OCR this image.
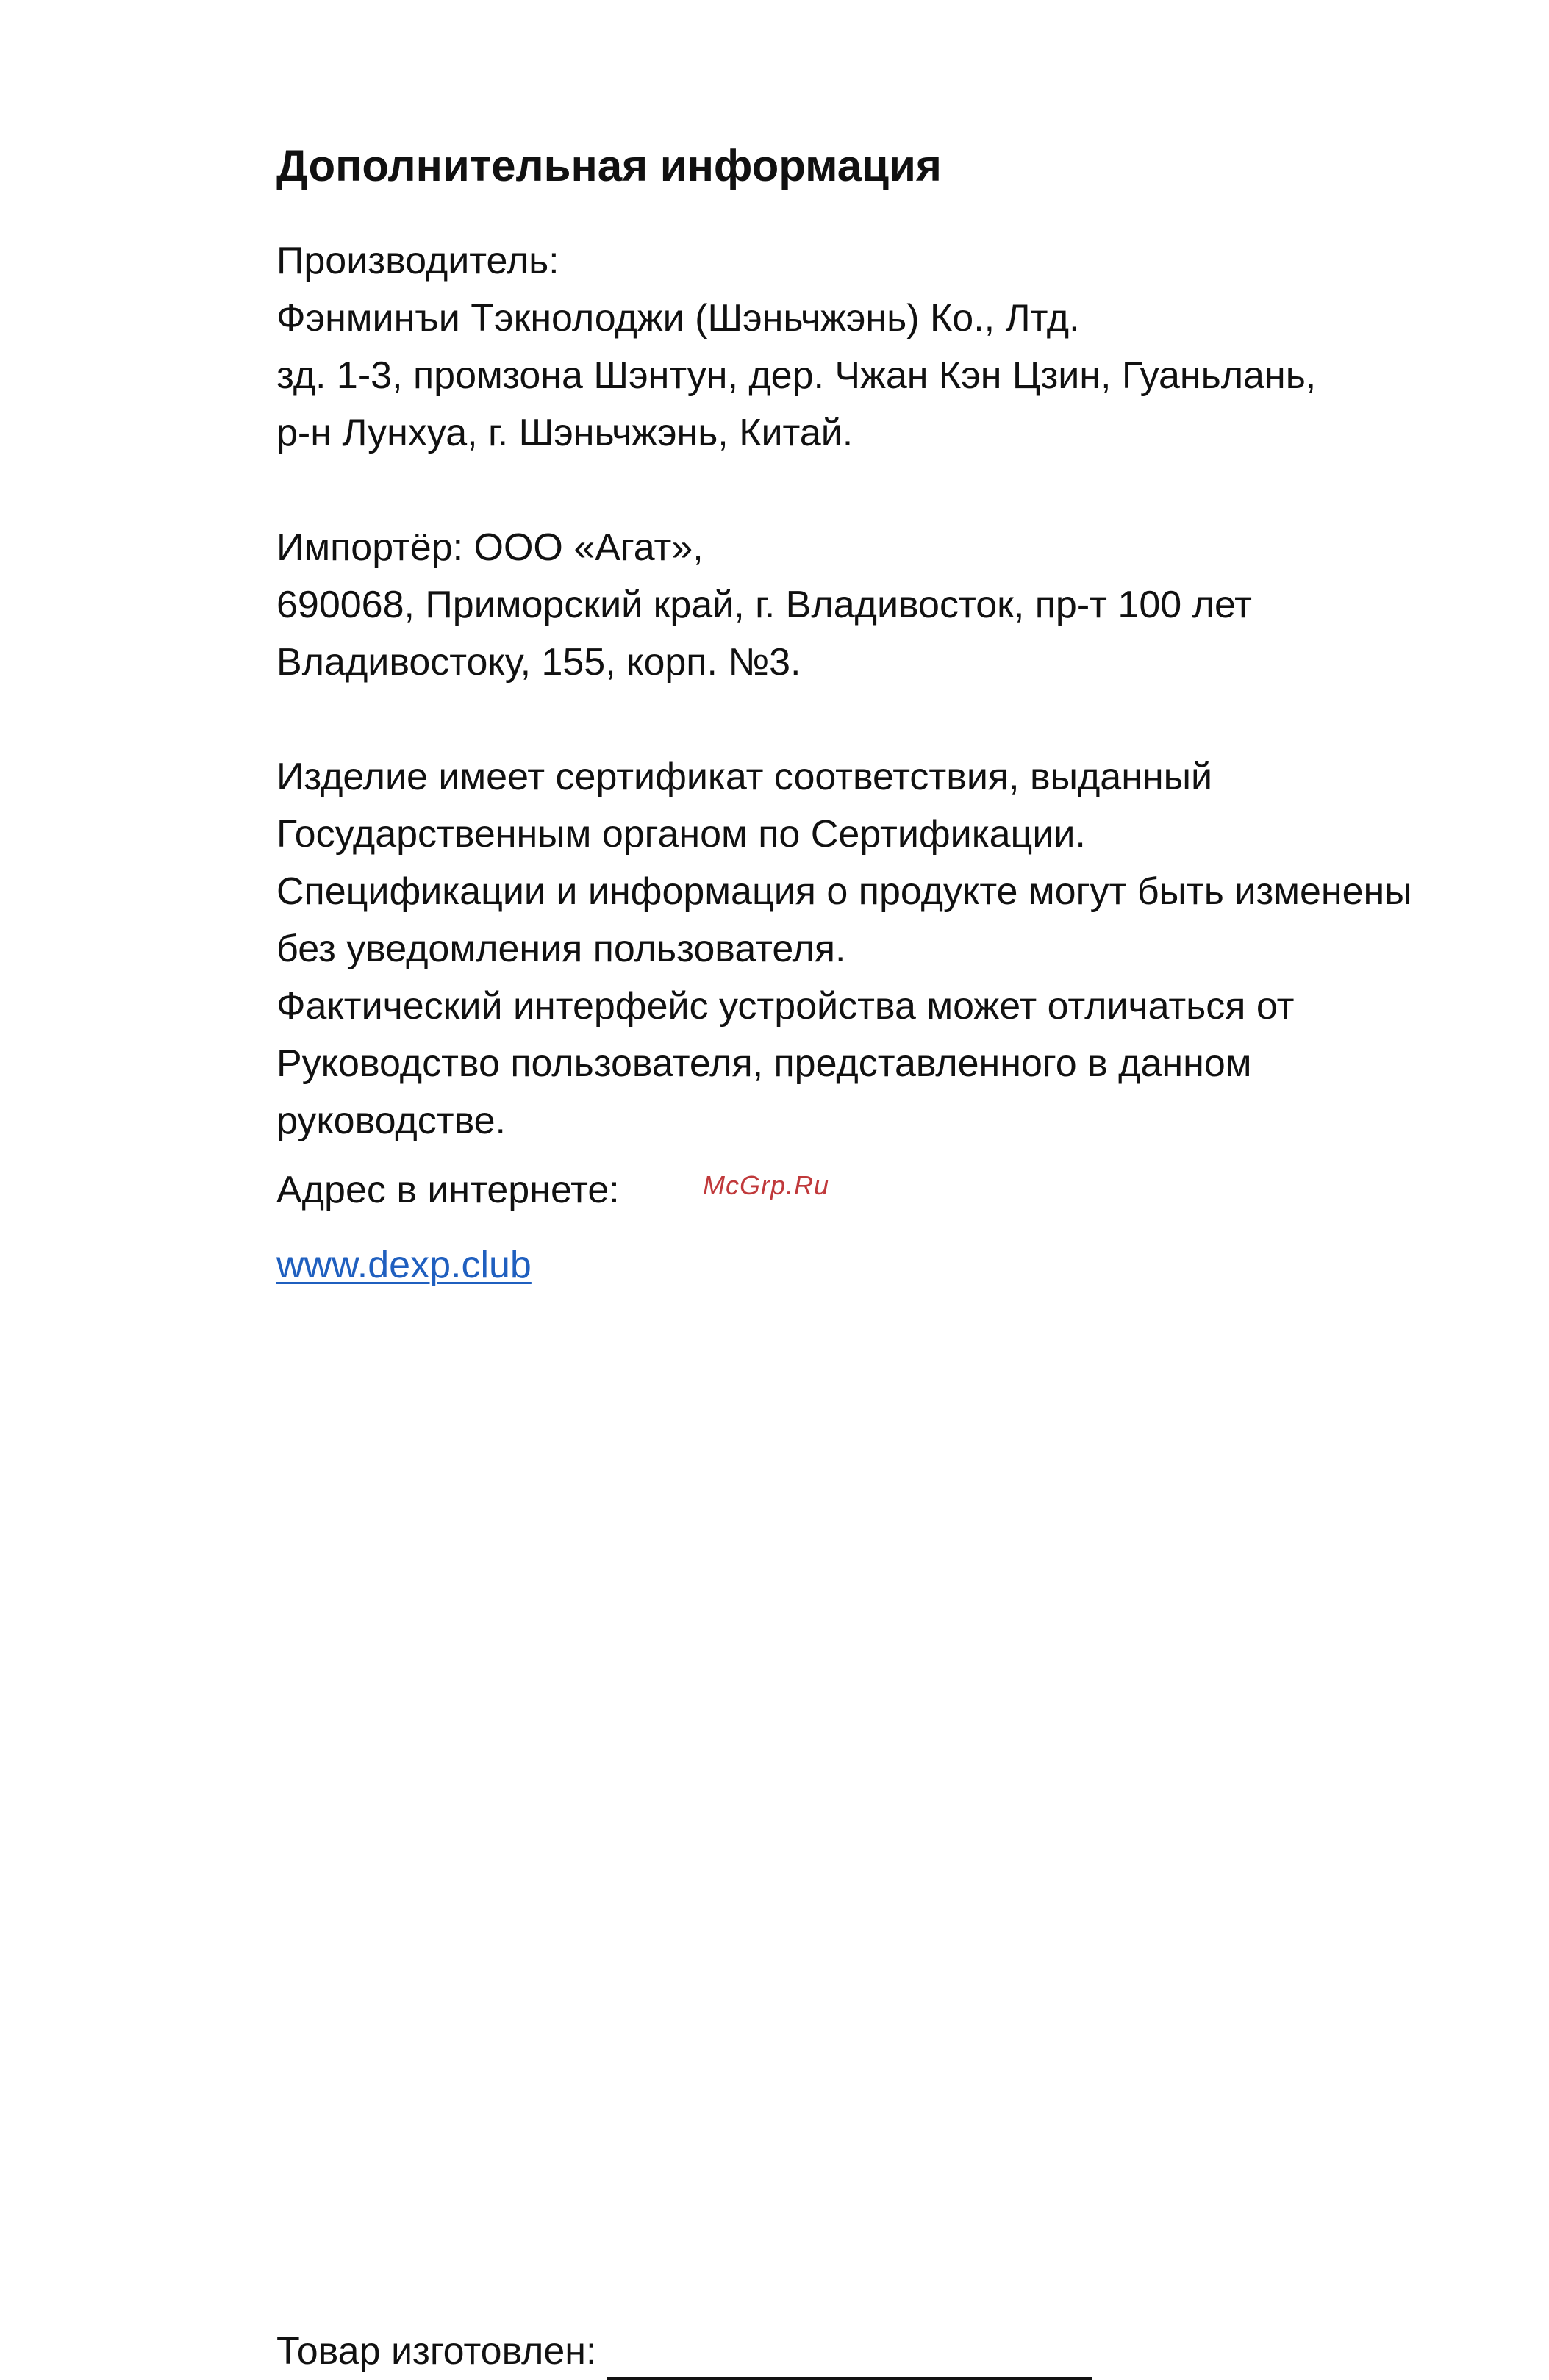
Дополнительная информация

Производитель:
Фэнминъи Тэкнолоджи (Шэньчжэнь) Ко., Лтд.
зд. 1-3, промзона Шэнтун, дер. Чжан Кэн Цзин, Гуаньлань,
р-н Лунхуа, г. Шэньчжэнь, Китай.

Импортёр: ООО «Агат»,
690068, Приморский край, г. Владивосток, пр-т 100 лет
Владивостоку, 155, корп. №3.

Изделие имеет сертификат соответствия, выданный
Государственным органом по Сертификации.
Спецификации и информация о продукте могут быть изменены
без уведомления пользователя.
Фактический интерфейс устройства может отличаться от
Руководство пользователя, представленного в данном
руководстве.

Адрес в интернете:	McGrp.Ru
www.dexp.club
Товар изготовлен:
